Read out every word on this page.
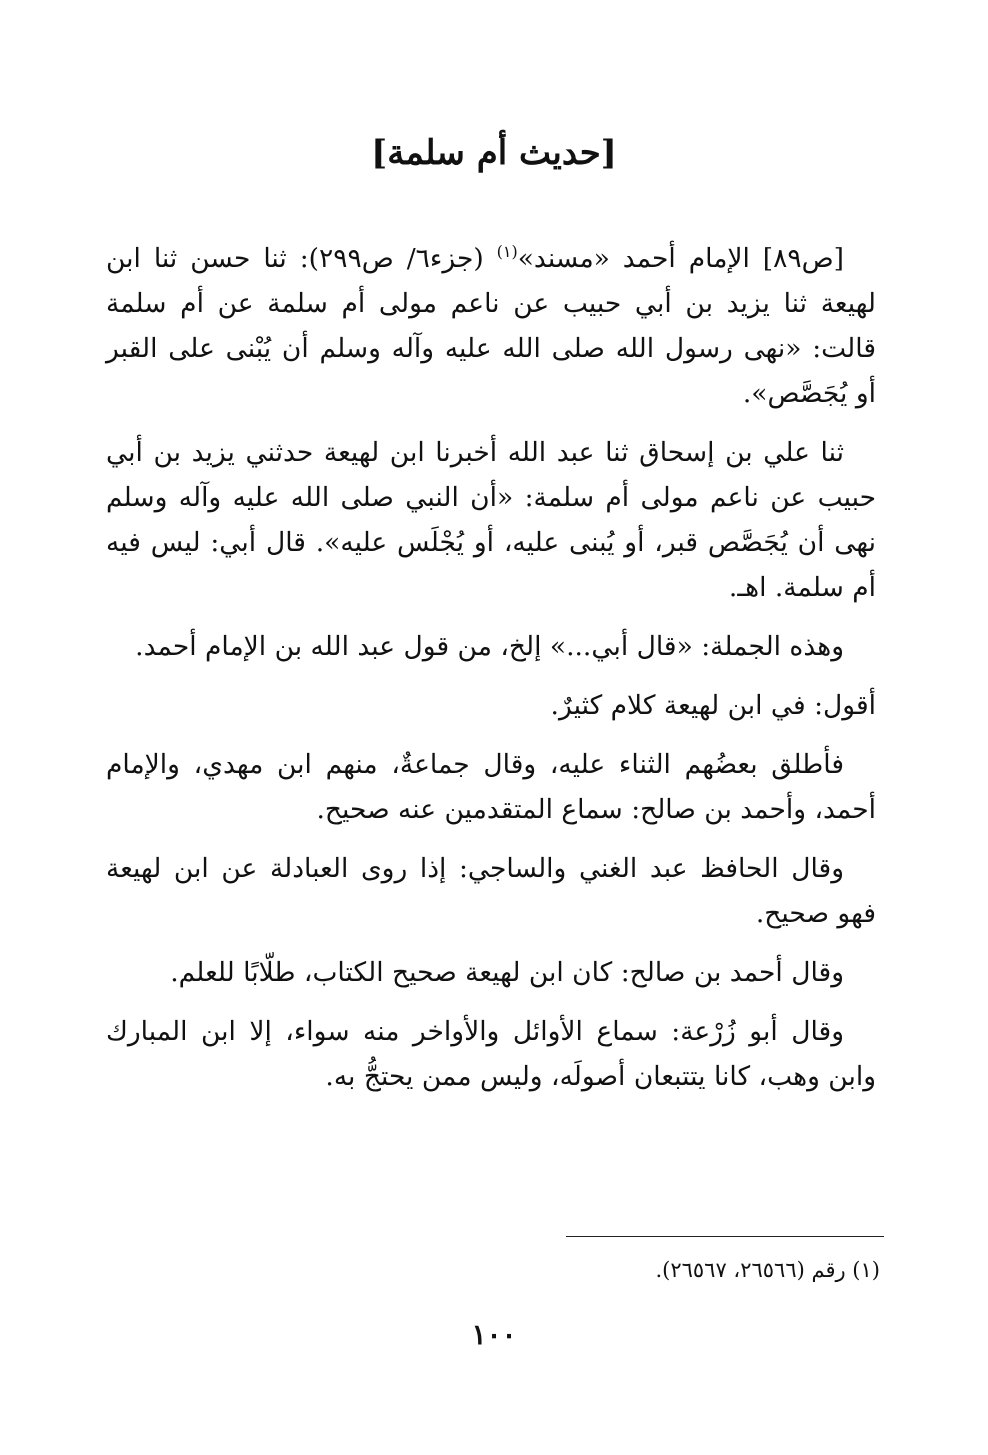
[حديث أم سلمة]

[ص٨٩] الإمام أحمد «مسند»$^{(١)}$ (جزء٦/ ص٢٩٩): ثنا حسن ثنا ابن لهيعة ثنا يزيد بن أبي حبيب عن ناعم مولى أم سلمة عن أم سلمة قالت: «نهى رسول الله صلى الله عليه وآله وسلم أن يُبْنى على القبر أو يُجَصَّص».

ثنا علي بن إسحاق ثنا عبد الله أخبرنا ابن لهيعة حدثني يزيد بن أبي حبيب عن ناعم مولى أم سلمة: «أن النبي صلى الله عليه وآله وسلم نهى أن يُجَصَّص قبر، أو يُبنى عليه، أو يُجْلَس عليه». قال أبي: ليس فيه أم سلمة. اهـ.

وهذه الجملة: «قال أبي...» إلخ، من قول عبد الله بن الإمام أحمد.

أقول: في ابن لهيعة كلام كثيرٌ.

فأطلق بعضُهم الثناء عليه، وقال جماعةٌ، منهم ابن مهدي، والإمام أحمد، وأحمد بن صالح: سماع المتقدمين عنه صحيح.

وقال الحافظ عبد الغني والساجي: إذا روى العبادلة عن ابن لهيعة فهو صحيح.

وقال أحمد بن صالح: كان ابن لهيعة صحيح الكتاب، طلّابًا للعلم.

وقال أبو زُرْعة: سماع الأوائل والأواخر منه سواء، إلا ابن المبارك وابن وهب، كانا يتتبعان أصولَه، وليس ممن يحتجُّ به.

(١) رقم (٢٦٥٦٦، ٢٦٥٦٧).
١٠٠
